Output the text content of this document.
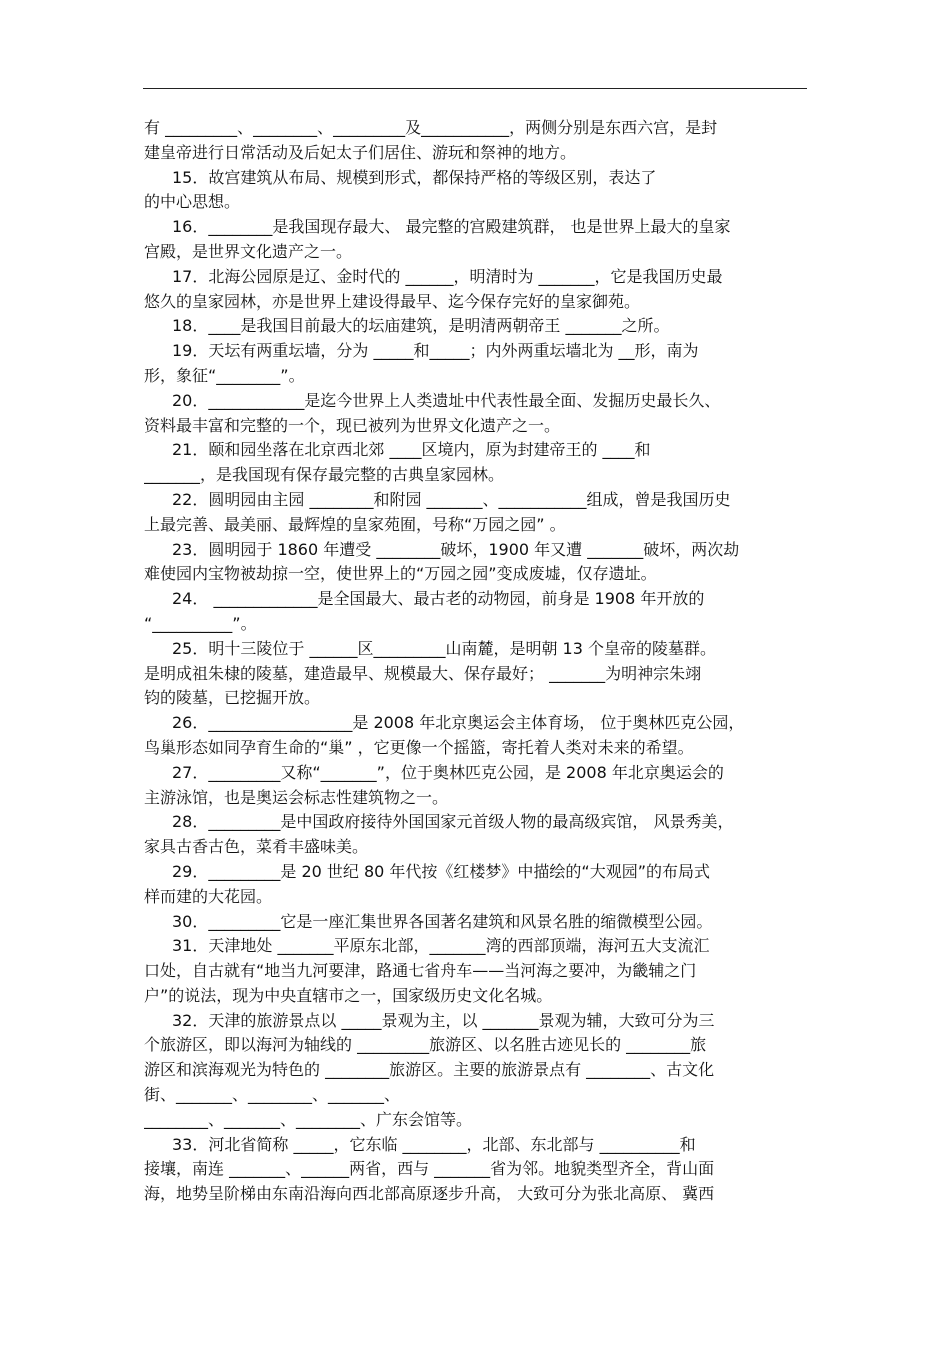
有 _________、________、_________及___________，两侧分别是东西六宫，是封
建皇帝进行日常活动及后妃太子们居住、游玩和祭神的地方。
15．故宫建筑从布局、规模到形式，都保持严格的等级区别，表达了
的中心思想。
16．________是我国现存最大、 最完整的宫殿建筑群， 也是世界上最大的皇家
宫殿，是世界文化遗产之一。
17．北海公园原是辽、金时代的 ______，明清时为 _______，它是我国历史最
悠久的皇家园林，亦是世界上建设得最早、迄今保存完好的皇家御苑。
18．____是我国目前最大的坛庙建筑，是明清两朝帝王 _______之所。
19．天坛有两重坛墙，分为 _____和_____；内外两重坛墙北为 __形，南为
形，象征“________”。
20．____________是迄今世界上人类遗址中代表性最全面、发掘历史最长久、
资料最丰富和完整的一个，现已被列为世界文化遗产之一。
21．颐和园坐落在北京西北郊 ____区境内，原为封建帝王的 ____和
_______，是我国现有保存最完整的古典皇家园林。
22．圆明园由主园 ________和附园 _______、___________组成，曾是我国历史
上最完善、最美丽、最辉煌的皇家苑囿，号称“万园之园” 。
23．圆明园于 1860 年遭受 ________破坏，1900 年又遭 _______破坏，两次劫
难使园内宝物被劫掠一空，使世界上的“万园之园”变成废墟，仅存遗址。
24． _____________是全国最大、最古老的动物园，前身是 1908 年开放的
“__________”。
25．明十三陵位于 ______区_________山南麓，是明朝 13 个皇帝的陵墓群。
是明成祖朱棣的陵墓，建造最早、规模最大、保存最好； _______为明神宗朱翊
钧的陵墓，已挖掘开放。
26．__________________是 2008 年北京奥运会主体育场， 位于奥林匹克公园，
鸟巢形态如同孕育生命的“巢” ，它更像一个摇篮，寄托着人类对未来的希望。
27．_________又称“_______”，位于奥林匹克公园，是 2008 年北京奥运会的
主游泳馆，也是奥运会标志性建筑物之一。
28．_________是中国政府接待外国国家元首级人物的最高级宾馆， 风景秀美，
家具古香古色，菜肴丰盛味美。
29．_________是 20 世纪 80 年代按《红楼梦》中描绘的“大观园”的布局式
样而建的大花园。
30．_________它是一座汇集世界各国著名建筑和风景名胜的缩微模型公园。
31．天津地处 _______平原东北部，_______湾的西部顶端，海河五大支流汇
口处，自古就有“地当九河要津，路通七省舟车——当河海之要冲，为畿辅之门
户”的说法，现为中央直辖市之一，国家级历史文化名城。
32．天津的旅游景点以 _____景观为主，以 _______景观为辅，大致可分为三
个旅游区，即以海河为轴线的 _________旅游区、以名胜古迹见长的 ________旅
游区和滨海观光为特色的 ________旅游区。主要的旅游景点有 ________、古文化
街、_______、________、_______、
________、_______、________、广东会馆等。
33．河北省简称 _____，它东临 ________，北部、东北部与 __________和
接壤，南连 _______、______两省，西与 _______省为邻。地貌类型齐全，背山面
海，地势呈阶梯由东南沿海向西北部高原逐步升高， 大致可分为张北高原、 冀西
